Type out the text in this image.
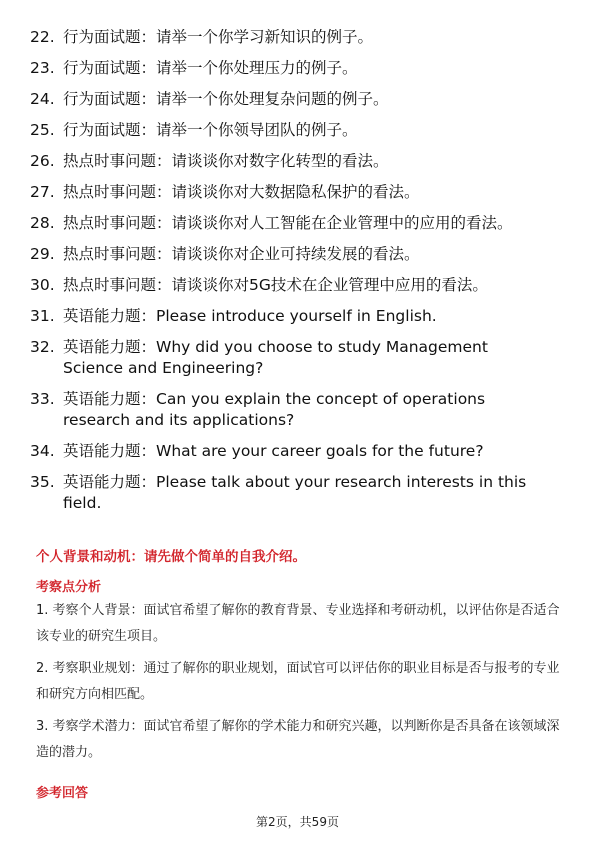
22. 行为面试题：请举一个你学习新知识的例子。
23. 行为面试题：请举一个你处理压力的例子。
24. 行为面试题：请举一个你处理复杂问题的例子。
25. 行为面试题：请举一个你领导团队的例子。
26. 热点时事问题：请谈谈你对数字化转型的看法。
27. 热点时事问题：请谈谈你对大数据隐私保护的看法。
28. 热点时事问题：请谈谈你对人工智能在企业管理中的应用的看法。
29. 热点时事问题：请谈谈你对企业可持续发展的看法。
30. 热点时事问题：请谈谈你对5G技术在企业管理中应用的看法。
31. 英语能力题：Please introduce yourself in English.
32. 英语能力题：Why did you choose to study Management Science and Engineering?
33. 英语能力题：Can you explain the concept of operations research and its applications?
34. 英语能力题：What are your career goals for the future?
35. 英语能力题：Please talk about your research interests in this field.
个人背景和动机：请先做个简单的自我介绍。
考察点分析
1. 考察个人背景：面试官希望了解你的教育背景、专业选择和考研动机，以评估你是否适合该专业的研究生项目。
2. 考察职业规划：通过了解你的职业规划，面试官可以评估你的职业目标是否与报考的专业和研究方向相匹配。
3. 考察学术潜力：面试官希望了解你的学术能力和研究兴趣，以判断你是否具备在该领域深造的潜力。
参考回答
第2页，共59页
